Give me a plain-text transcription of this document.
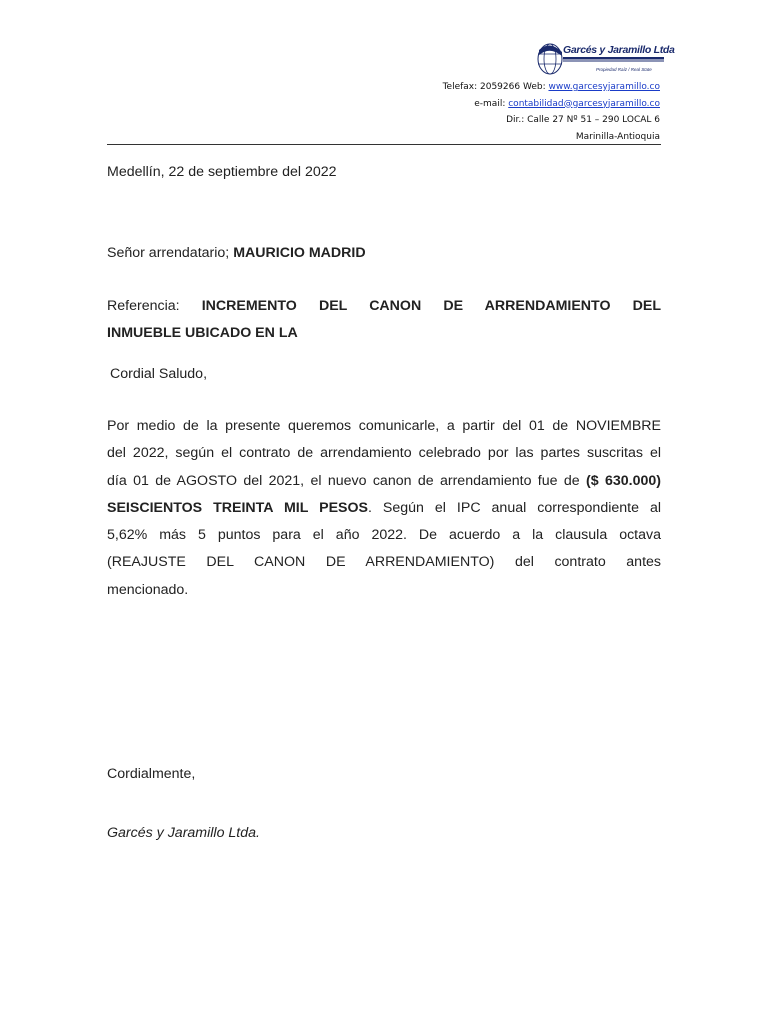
Garcés y Jaramillo Ltda
Propiedad Raíz / Real State
Telefax: 2059266 Web: www.garcesyjaramillo.co
e-mail: contabilidad@garcesyjaramillo.co
Dir.: Calle 27 Nº 51 – 290 LOCAL 6
Marinilla-Antioquia
Medellín, 22 de septiembre del 2022
Señor arrendatario; MAURICIO MADRID
Referencia: INCREMENTO DEL CANON DE ARRENDAMIENTO DEL
INMUEBLE UBICADO EN LA
Cordial Saludo,
Por medio de la presente queremos comunicarle, a partir del 01 de NOVIEMBRE
del 2022, según el contrato de arrendamiento celebrado por las partes suscritas el
día 01 de AGOSTO del 2021, el nuevo canon de arrendamiento fue de ($ 630.000)
SEISCIENTOS TREINTA MIL PESOS. Según el IPC anual correspondiente al
5,62% más 5 puntos para el año 2022. De acuerdo a la clausula octava
(REAJUSTE DEL CANON DE ARRENDAMIENTO) del contrato antes
mencionado.
Cordialmente,
Garcés y Jaramillo Ltda.
